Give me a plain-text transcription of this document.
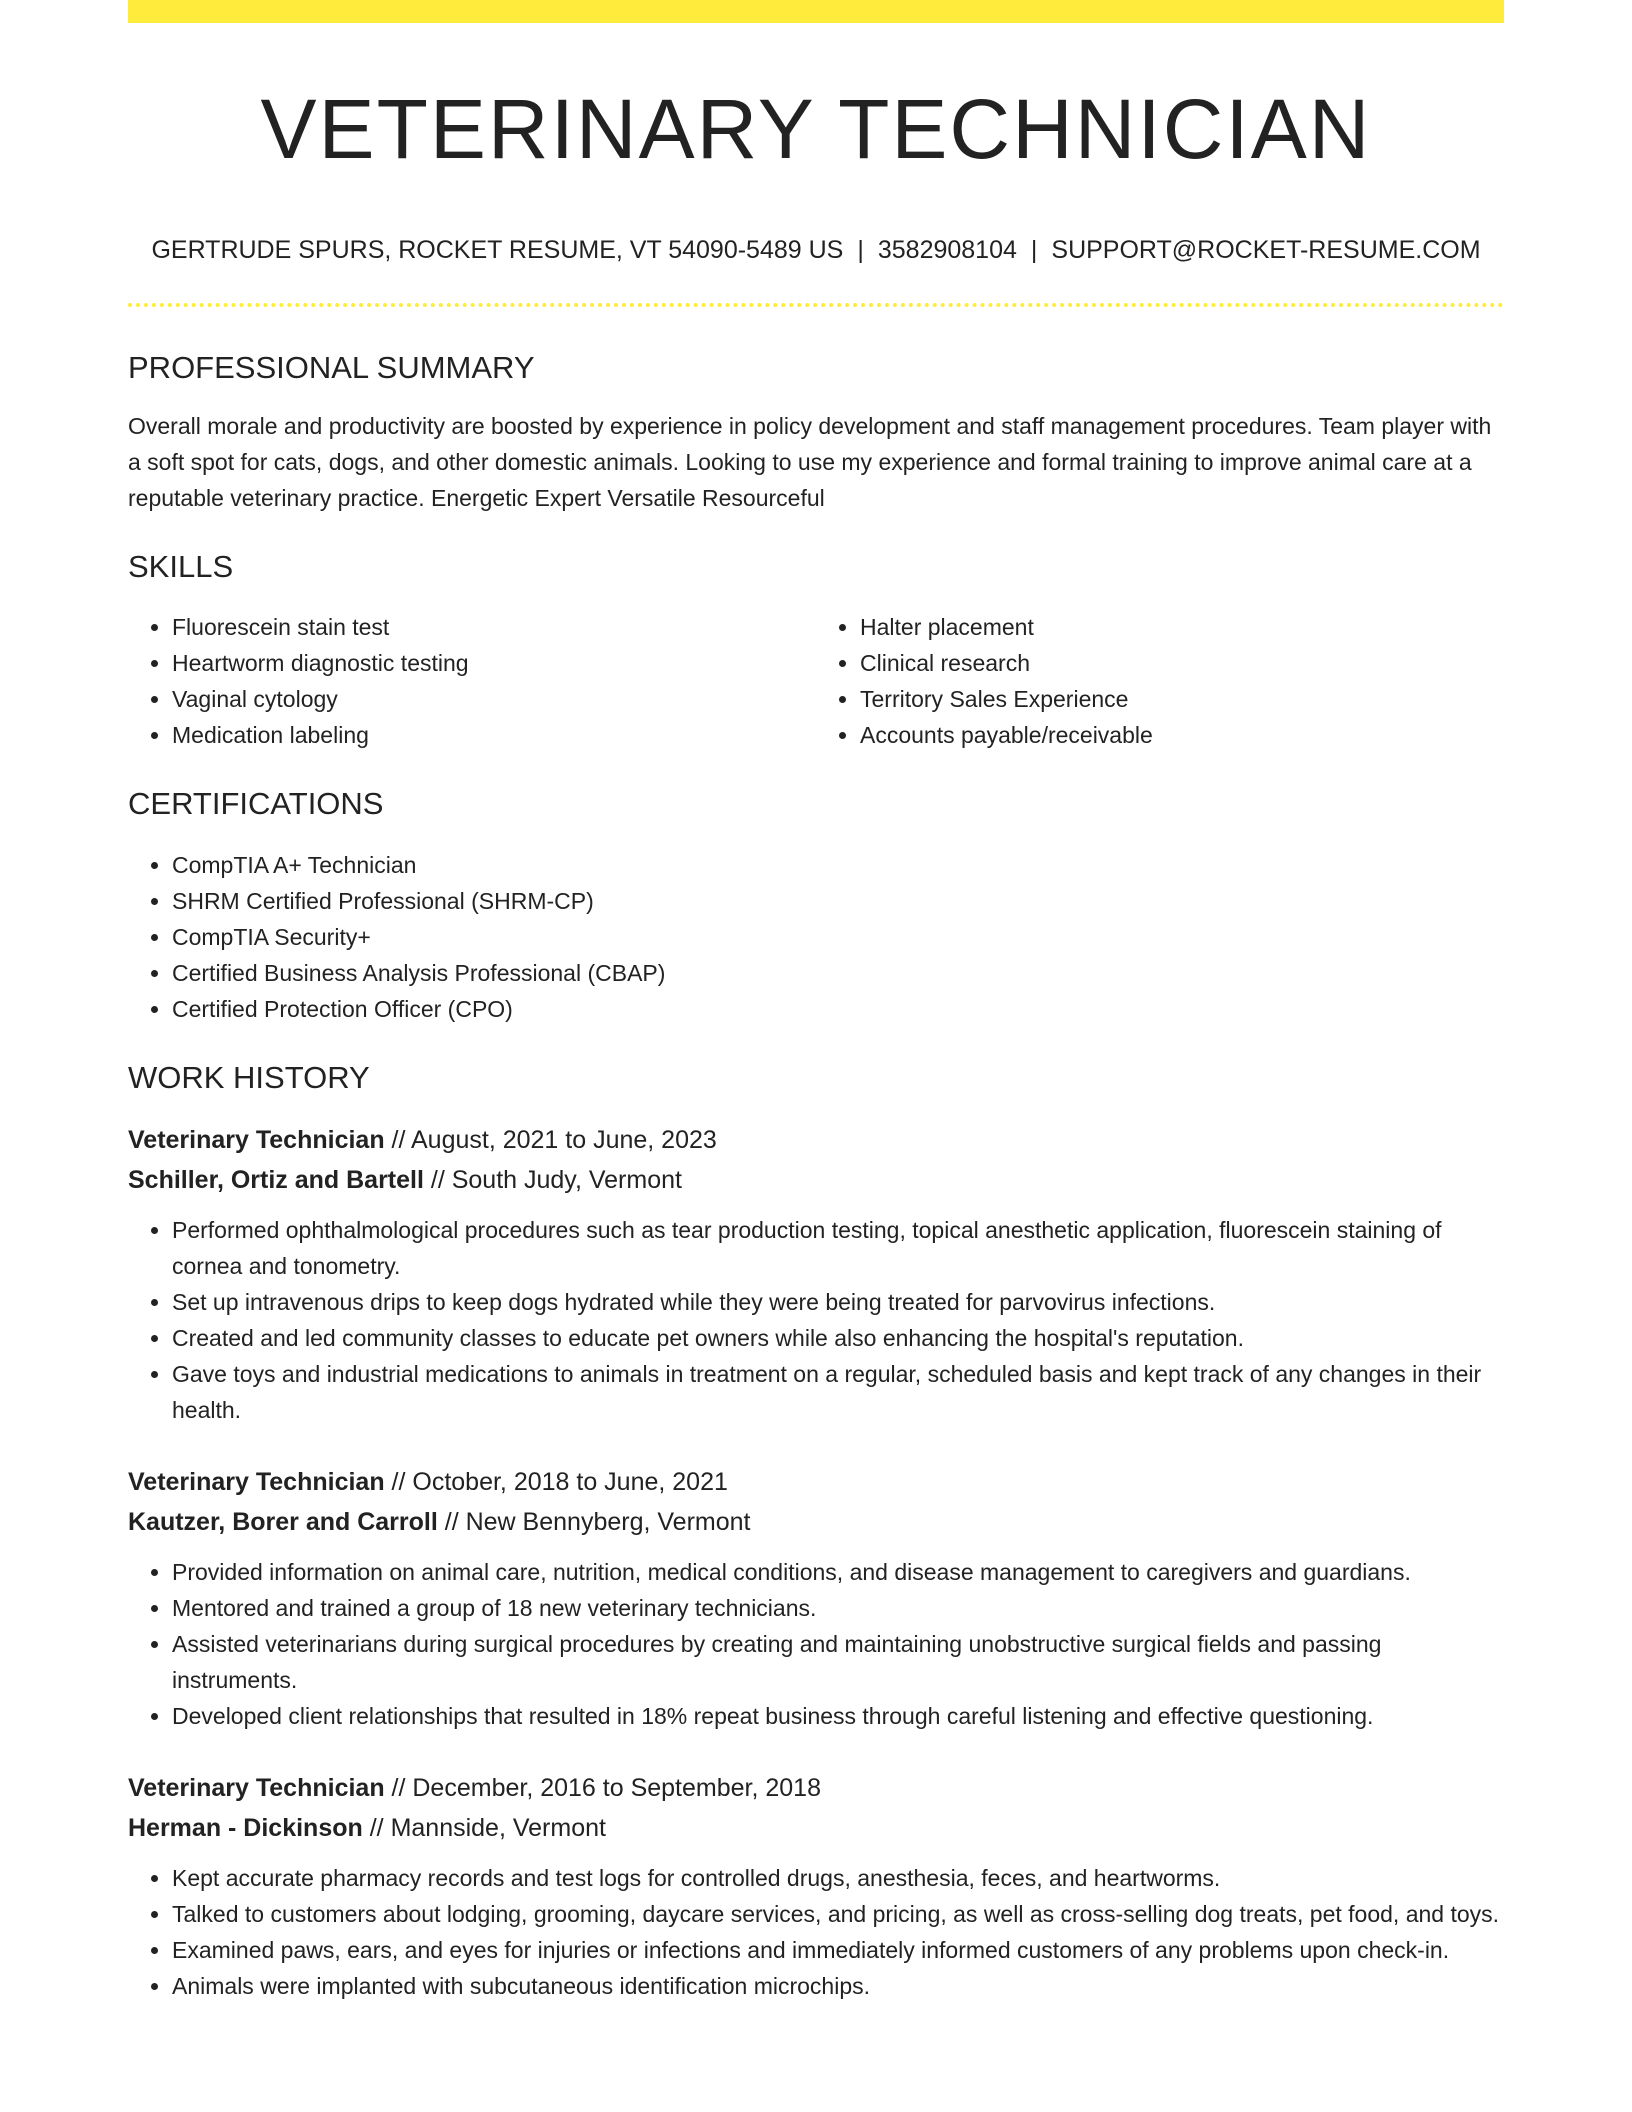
VETERINARY TECHNICIAN
GERTRUDE SPURS, ROCKET RESUME, VT 54090-5489 US | 3582908104 | SUPPORT@ROCKET-RESUME.COM
PROFESSIONAL SUMMARY
Overall morale and productivity are boosted by experience in policy development and staff management procedures. Team player with a soft spot for cats, dogs, and other domestic animals. Looking to use my experience and formal training to improve animal care at a reputable veterinary practice. Energetic Expert Versatile Resourceful
SKILLS
• Fluorescein stain test
• Heartworm diagnostic testing
• Vaginal cytology
• Medication labeling
• Halter placement
• Clinical research
• Territory Sales Experience
• Accounts payable/receivable
CERTIFICATIONS
• CompTIA A+ Technician
• SHRM Certified Professional (SHRM-CP)
• CompTIA Security+
• Certified Business Analysis Professional (CBAP)
• Certified Protection Officer (CPO)
WORK HISTORY
Veterinary Technician // August, 2021 to June, 2023
Schiller, Ortiz and Bartell // South Judy, Vermont
• Performed ophthalmological procedures such as tear production testing, topical anesthetic application, fluorescein staining of cornea and tonometry.
• Set up intravenous drips to keep dogs hydrated while they were being treated for parvovirus infections.
• Created and led community classes to educate pet owners while also enhancing the hospital's reputation.
• Gave toys and industrial medications to animals in treatment on a regular, scheduled basis and kept track of any changes in their health.
Veterinary Technician // October, 2018 to June, 2021
Kautzer, Borer and Carroll // New Bennyberg, Vermont
• Provided information on animal care, nutrition, medical conditions, and disease management to caregivers and guardians.
• Mentored and trained a group of 18 new veterinary technicians.
• Assisted veterinarians during surgical procedures by creating and maintaining unobstructive surgical fields and passing instruments.
• Developed client relationships that resulted in 18% repeat business through careful listening and effective questioning.
Veterinary Technician // December, 2016 to September, 2018
Herman - Dickinson // Mannside, Vermont
• Kept accurate pharmacy records and test logs for controlled drugs, anesthesia, feces, and heartworms.
• Talked to customers about lodging, grooming, daycare services, and pricing, as well as cross-selling dog treats, pet food, and toys.
• Examined paws, ears, and eyes for injuries or infections and immediately informed customers of any problems upon check-in.
• Animals were implanted with subcutaneous identification microchips.
